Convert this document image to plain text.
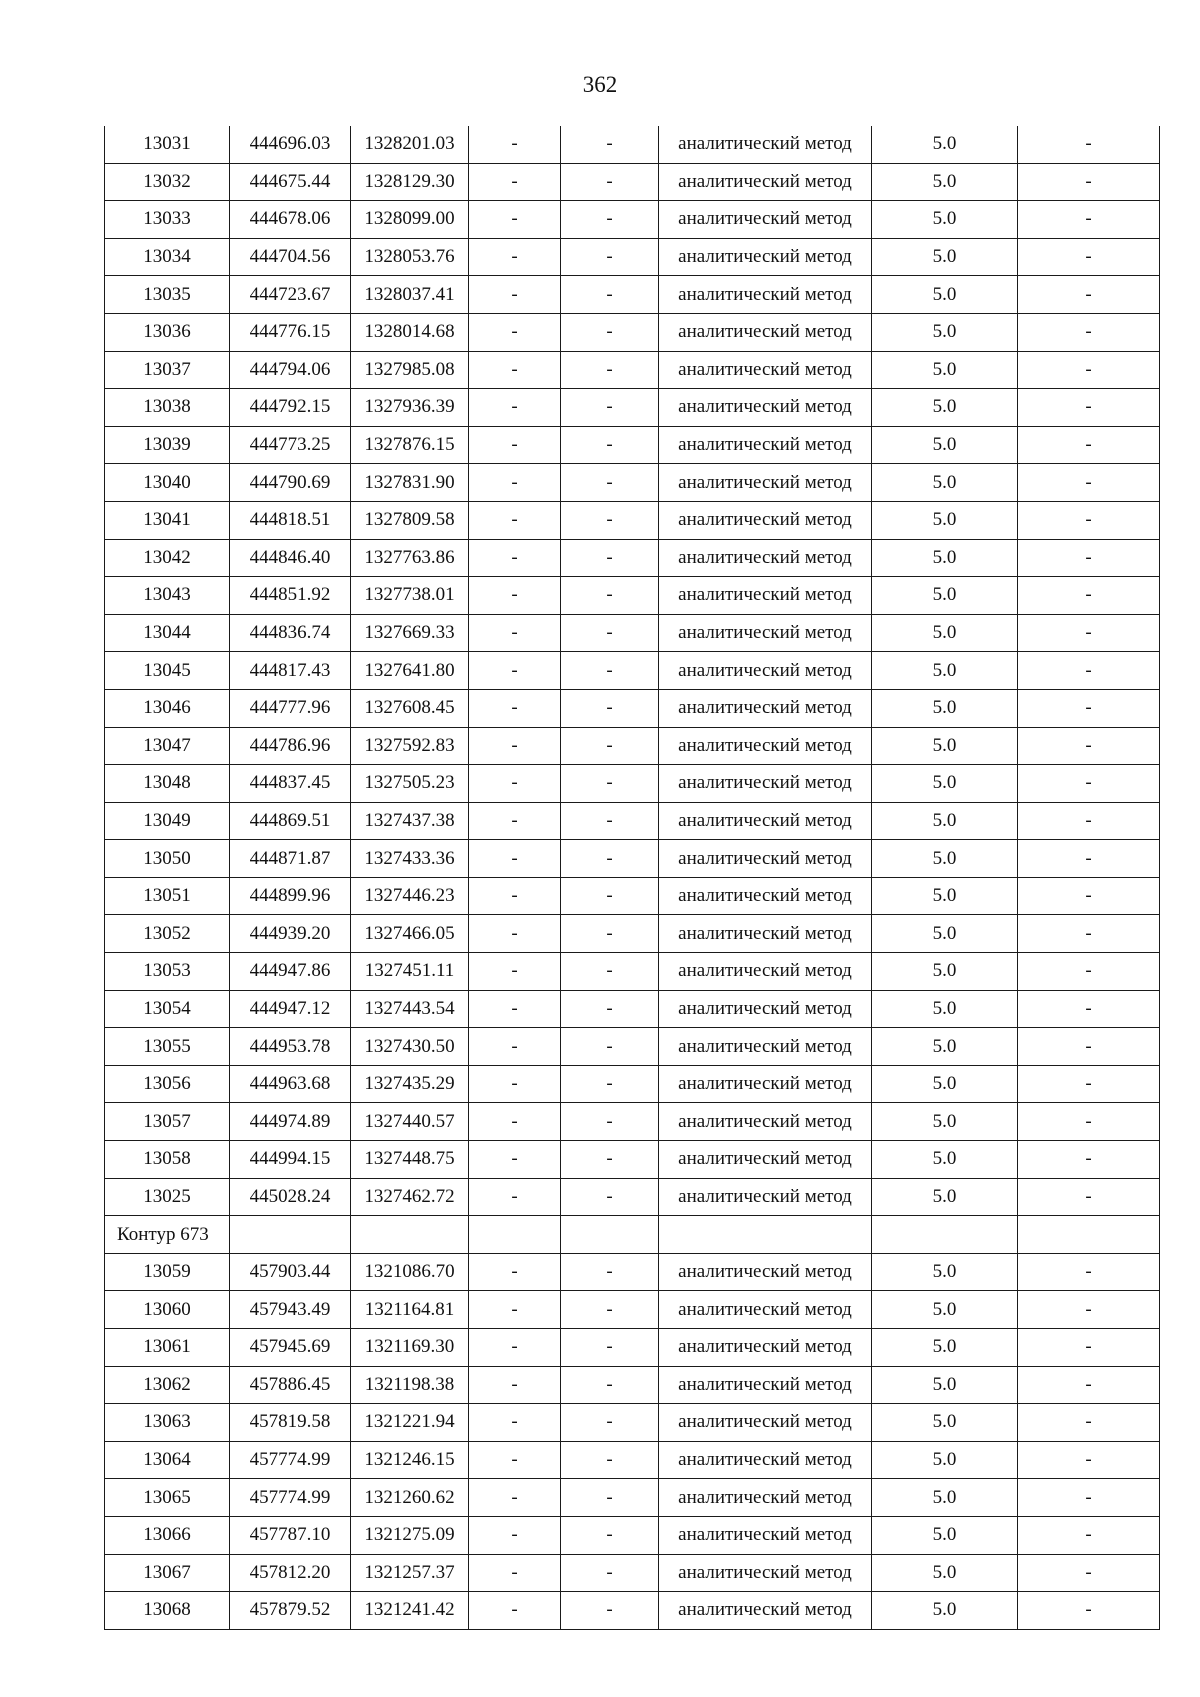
362
13031	444696.03	1328201.03	-	-	аналитический метод	5.0	-
13032	444675.44	1328129.30	-	-	аналитический метод	5.0	-
13033	444678.06	1328099.00	-	-	аналитический метод	5.0	-
13034	444704.56	1328053.76	-	-	аналитический метод	5.0	-
13035	444723.67	1328037.41	-	-	аналитический метод	5.0	-
13036	444776.15	1328014.68	-	-	аналитический метод	5.0	-
13037	444794.06	1327985.08	-	-	аналитический метод	5.0	-
13038	444792.15	1327936.39	-	-	аналитический метод	5.0	-
13039	444773.25	1327876.15	-	-	аналитический метод	5.0	-
13040	444790.69	1327831.90	-	-	аналитический метод	5.0	-
13041	444818.51	1327809.58	-	-	аналитический метод	5.0	-
13042	444846.40	1327763.86	-	-	аналитический метод	5.0	-
13043	444851.92	1327738.01	-	-	аналитический метод	5.0	-
13044	444836.74	1327669.33	-	-	аналитический метод	5.0	-
13045	444817.43	1327641.80	-	-	аналитический метод	5.0	-
13046	444777.96	1327608.45	-	-	аналитический метод	5.0	-
13047	444786.96	1327592.83	-	-	аналитический метод	5.0	-
13048	444837.45	1327505.23	-	-	аналитический метод	5.0	-
13049	444869.51	1327437.38	-	-	аналитический метод	5.0	-
13050	444871.87	1327433.36	-	-	аналитический метод	5.0	-
13051	444899.96	1327446.23	-	-	аналитический метод	5.0	-
13052	444939.20	1327466.05	-	-	аналитический метод	5.0	-
13053	444947.86	1327451.11	-	-	аналитический метод	5.0	-
13054	444947.12	1327443.54	-	-	аналитический метод	5.0	-
13055	444953.78	1327430.50	-	-	аналитический метод	5.0	-
13056	444963.68	1327435.29	-	-	аналитический метод	5.0	-
13057	444974.89	1327440.57	-	-	аналитический метод	5.0	-
13058	444994.15	1327448.75	-	-	аналитический метод	5.0	-
13025	445028.24	1327462.72	-	-	аналитический метод	5.0	-
Контур 673							
13059	457903.44	1321086.70	-	-	аналитический метод	5.0	-
13060	457943.49	1321164.81	-	-	аналитический метод	5.0	-
13061	457945.69	1321169.30	-	-	аналитический метод	5.0	-
13062	457886.45	1321198.38	-	-	аналитический метод	5.0	-
13063	457819.58	1321221.94	-	-	аналитический метод	5.0	-
13064	457774.99	1321246.15	-	-	аналитический метод	5.0	-
13065	457774.99	1321260.62	-	-	аналитический метод	5.0	-
13066	457787.10	1321275.09	-	-	аналитический метод	5.0	-
13067	457812.20	1321257.37	-	-	аналитический метод	5.0	-
13068	457879.52	1321241.42	-	-	аналитический метод	5.0	-
